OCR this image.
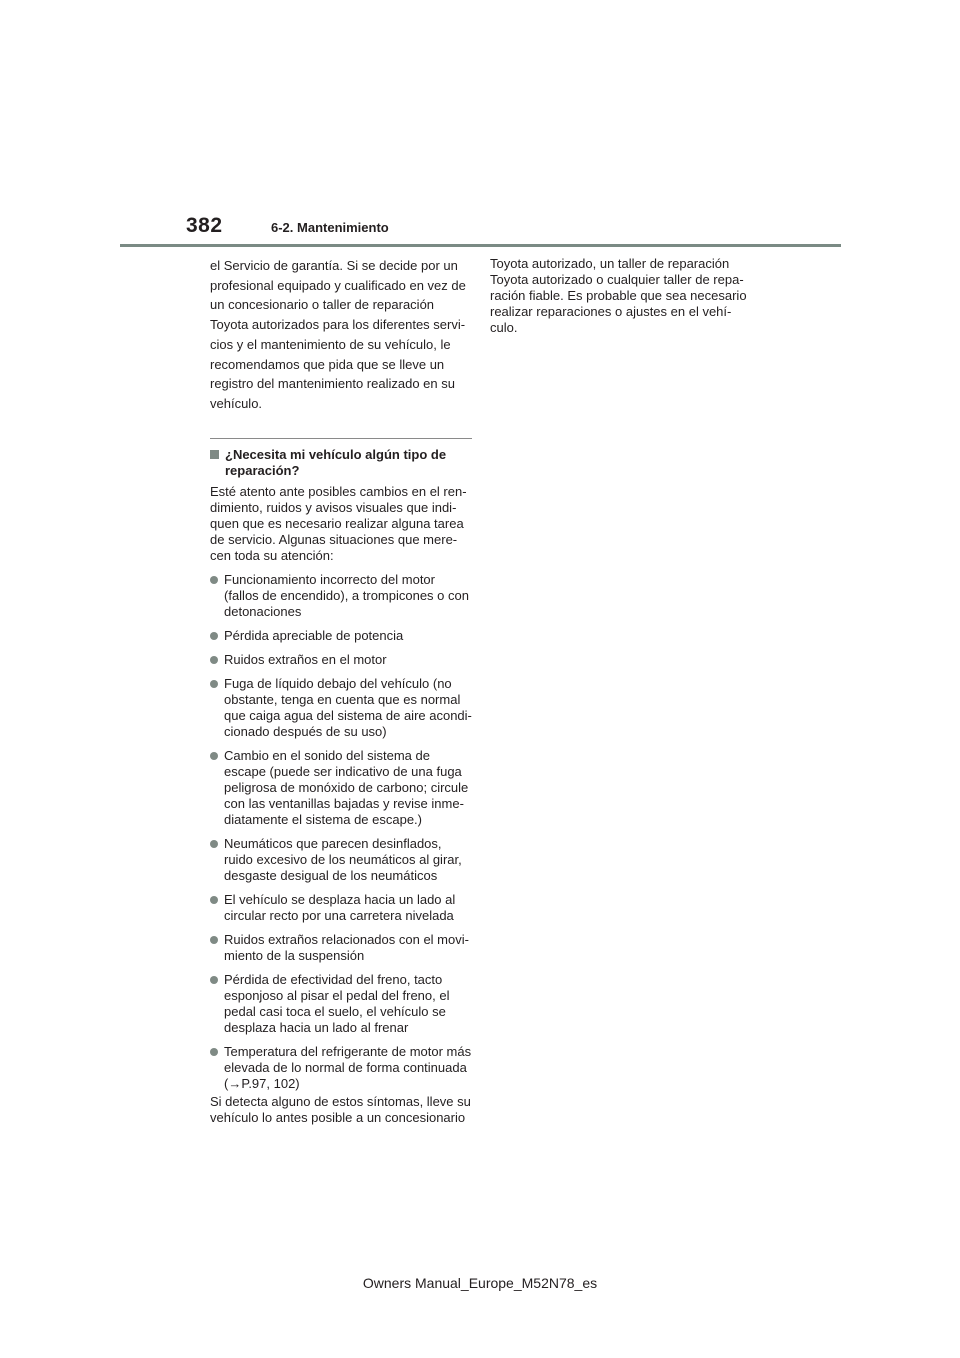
382	6-2. Mantenimiento

el Servicio de garantía. Si se decide por un

profesional equipado y cualificado en vez de

un concesionario o taller de reparación

Toyota autorizados para los diferentes servi-

cios y el mantenimiento de su vehículo, le

recomendamos que pida que se lleve un

registro del mantenimiento realizado en su

vehículo.

¿Necesita mi vehículo algún tipo de
reparación?

Esté atento ante posibles cambios en el ren-

dimiento, ruidos y avisos visuales que indi-

quen que es necesario realizar alguna tarea

de servicio. Algunas situaciones que mere-

cen toda su atención:

Funcionamiento incorrecto del motor

(fallos de encendido), a trompicones o con

detonaciones

Pérdida apreciable de potencia

Ruidos extraños en el motor

Fuga de líquido debajo del vehículo (no

obstante, tenga en cuenta que es normal

que caiga agua del sistema de aire acondi-

cionado después de su uso)

Cambio en el sonido del sistema de

escape (puede ser indicativo de una fuga

peligrosa de monóxido de carbono; circule

con las ventanillas bajadas y revise inme-

diatamente el sistema de escape.)

Neumáticos que parecen desinflados,

ruido excesivo de los neumáticos al girar,

desgaste desigual de los neumáticos

El vehículo se desplaza hacia un lado al

circular recto por una carretera nivelada

Ruidos extraños relacionados con el movi-

miento de la suspensión

Pérdida de efectividad del freno, tacto

esponjoso al pisar el pedal del freno, el

pedal casi toca el suelo, el vehículo se

desplaza hacia un lado al frenar

Temperatura del refrigerante de motor más

elevada de lo normal de forma continuada

(→P.97, 102)

Si detecta alguno de estos síntomas, lleve su

vehículo lo antes posible a un concesionario

Toyota autorizado, un taller de reparación

Toyota autorizado o cualquier taller de repa-

ración fiable. Es probable que sea necesario

realizar reparaciones o ajustes en el vehí-

culo.

Owners Manual_Europe_M52N78_es
